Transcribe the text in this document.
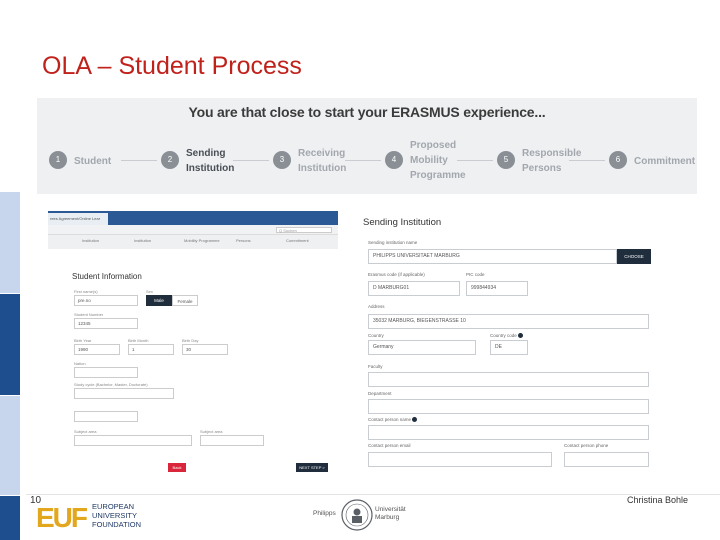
OLA – Student Process
You are that close to start your ERASMUS experience...
1	Student	2
Sending Institution
3
Receiving Institution
4
Proposed Mobility Programme
5
Responsible Persons
6	Commitment
rees Agreement/Online Lear
Q Suchen
Institution	Institution	Mobility Programme	Persons	Commitment
Student Information
First name(s)
pre.no
Sex
Male	Female
Student Number
12345
Birth Year
1990
Birth Month
1
Birth Day
30
Nation
Study cycle (Bachelor, Master, Doctorate)
Subject area	Subject area
Back	NEXT STEP >
Sending Institution
Sending institution name
PHILIPPS UNIVERSITAET MARBURG	CHOOSE
Erasmus code (if applicable)
D MARBURG01
PIC code
999844934
Address
35032 MARBURG, BIEGENSTRASSE 10
Country
Germany
Country code
DE
Faculty
Department
Contact person name
Contact person email	Contact person phone
10	Christina Bohle
EUF EUROPEAN
UNIVERSITY
FOUNDATION
Philipps
Universität
Marburg
